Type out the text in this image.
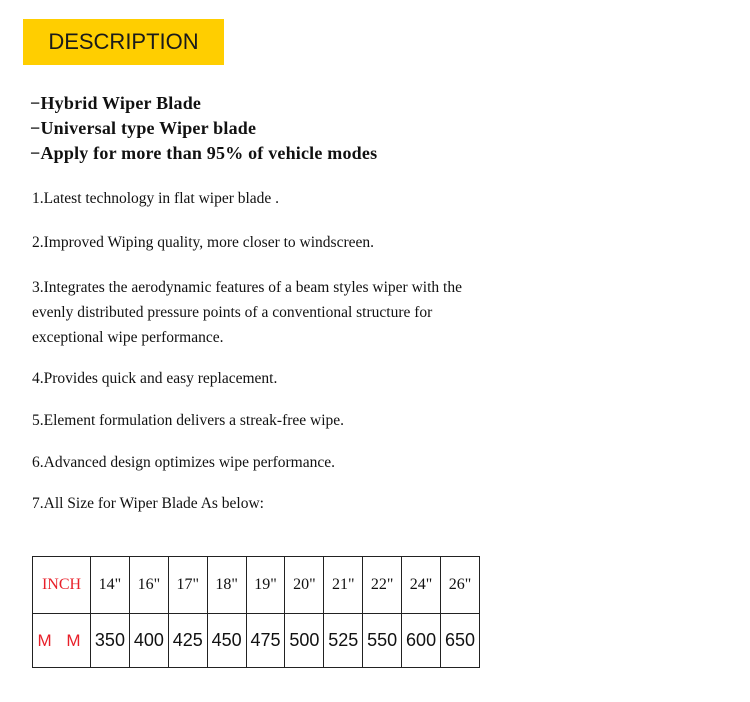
DESCRIPTION
−Hybrid Wiper Blade
−Universal type Wiper blade
−Apply for more than 95% of vehicle modes

1.Latest technology in flat wiper blade .

2.Improved Wiping quality, more closer to windscreen.

3.Integrates the aerodynamic features of a beam styles wiper with the evenly distributed pressure points of a conventional structure for exceptional wipe performance.

4.Provides quick and easy replacement.

5.Element formulation delivers a streak-free wipe.

6.Advanced design optimizes wipe performance.

7.All Size for Wiper Blade As below:

INCH	14"	16"	17"	18"	19"	20"	21"	22"	24"	26"
M M	350	400	425	450	475	500	525	550	600	650
